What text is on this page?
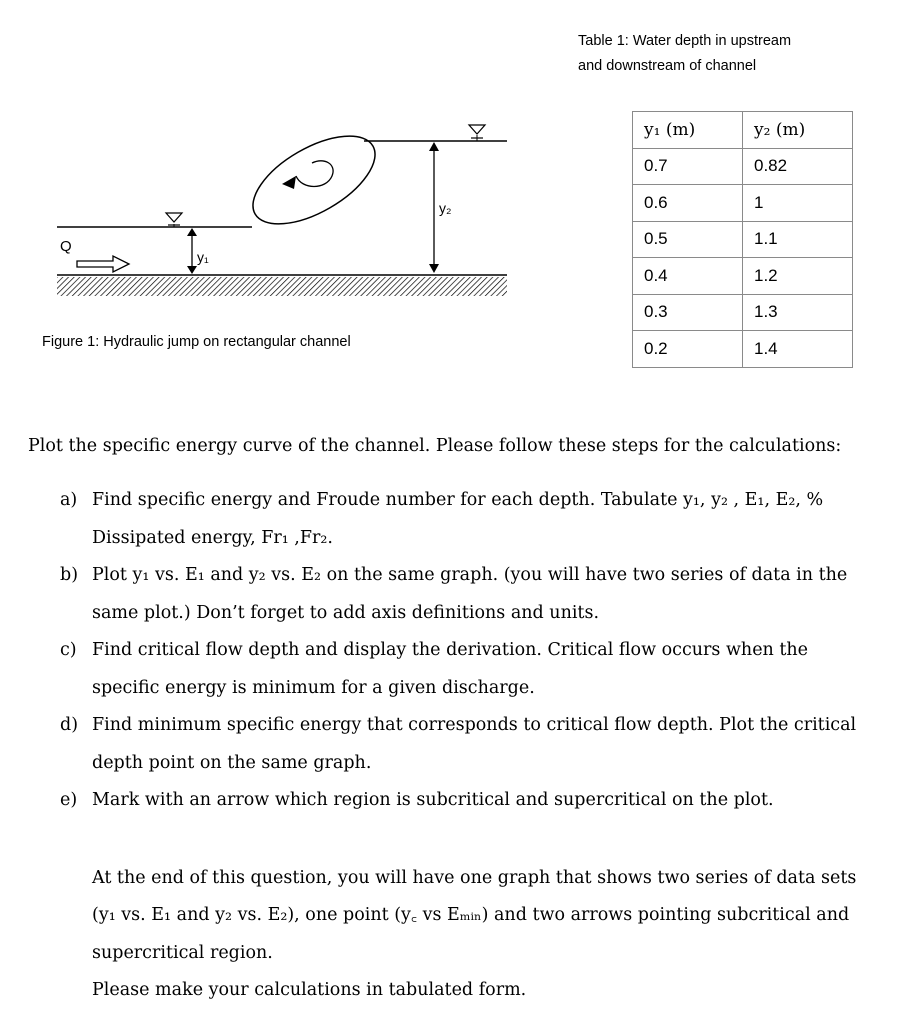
Q
y₁
y₂
Table 1: Water depth in upstream
and downstream of channel
y₁ (m)	y₂ (m)
0.7	0.82
0.6	1
0.5	1.1
0.4	1.2
0.3	1.3
0.2	1.4
Figure 1: Hydraulic jump on rectangular channel

Plot the specific energy curve of the channel. Please follow these steps for the calculations:

a) Find specific energy and Froude number for each depth. Tabulate y₁, y₂ , E₁, E₂, % Dissipated energy, Fr₁ ,Fr₂.
b) Plot y₁ vs. E₁ and y₂ vs. E₂ on the same graph. (you will have two series of data in the same plot.) Don’t forget to add axis definitions and units.
c) Find critical flow depth and display the derivation. Critical flow occurs when the specific energy is minimum for a given discharge.
d) Find minimum specific energy that corresponds to critical flow depth. Plot the critical depth point on the same graph.
e) Mark with an arrow which region is subcritical and supercritical on the plot.

At the end of this question, you will have one graph that shows two series of data sets (y₁ vs. E₁ and y₂ vs. E₂), one point (y꜀ vs Eₘᵢₙ) and two arrows pointing subcritical and supercritical region.

Please make your calculations in tabulated form.
